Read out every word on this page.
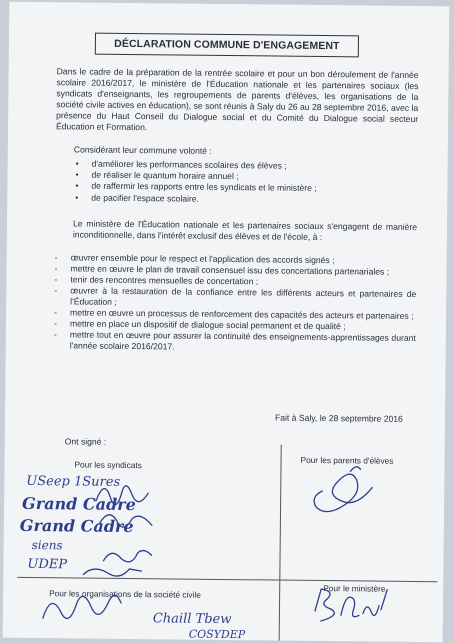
DÉCLARATION COMMUNE D'ENGAGEMENT
Dans le cadre de la préparation de la rentrée scolaire et pour un bon déroulement de l'année scolaire 2016/2017, le ministère de l'Éducation nationale et les partenaires sociaux (les syndicats d'enseignants, les regroupements de parents d'élèves, les organisations de la société civile actives en éducation), se sont réunis à Saly du 26 au 28 septembre 2016, avec la présence du Haut Conseil du Dialogue social et du Comité du Dialogue social secteur Éducation et Formation.
Considérant leur commune volonté :
• d'améliorer les performances scolaires des élèves ;
• de réaliser le quantum horaire annuel ;
• de raffermir les rapports entre les syndicats et le ministère ;
• de pacifier l'espace scolaire.
Le ministère de l'Éducation nationale et les partenaires sociaux s'engagent de manière inconditionnelle, dans l'intérêt exclusif des élèves et de l'école, à :
- œuvrer ensemble pour le respect et l'application des accords signés ;
- mettre en œuvre le plan de travail consensuel issu des concertations partenariales ;
- tenir des rencontres mensuelles de concertation ;
- œuvrer à la restauration de la confiance entre les différents acteurs et partenaires de l'Éducation ;
- mettre en œuvre un processus de renforcement des capacités des acteurs et partenaires ;
- mettre en place un dispositif de dialogue social permanent et de qualité ;
- mettre tout en œuvre pour assurer la continuité des enseignements-apprentissages durant l'année scolaire 2016/2017.
Fait à Saly, le 28 septembre 2016
Ont signé :
Pour les syndicats	Pour les parents d'élèves
Pour les organisations de la société civile	Pour le ministère
USeep 1Sures
Grand Cadre
Grand Cadre
siens
UDEP
Chaill Tbew
COSYDEP
